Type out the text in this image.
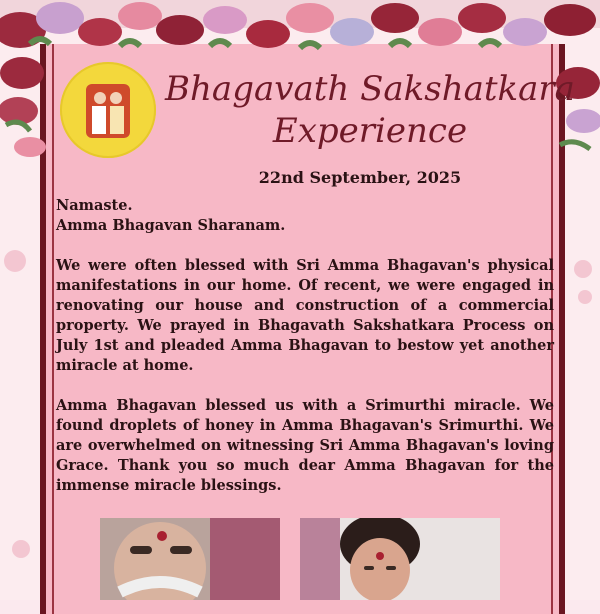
Bhagavath Sakshatkara
Experience
22nd September, 2025

Namaste.

Amma Bhagavan Sharanam.

We were often blessed with Sri Amma Bhagavan's physical manifestations in our home. Of recent, we were engaged in renovating our house and construction of a commercial property. We prayed in Bhagavath Sakshatkara Process on July 1st and pleaded Amma Bhagavan to bestow yet another miracle at home.

Amma Bhagavan blessed us with a Srimurthi miracle. We found droplets of honey in Amma Bhagavan's Srimurthi. We are overwhelmed on witnessing Sri Amma Bhagavan's loving Grace. Thank you so much dear Amma Bhagavan for the immense miracle blessings.
